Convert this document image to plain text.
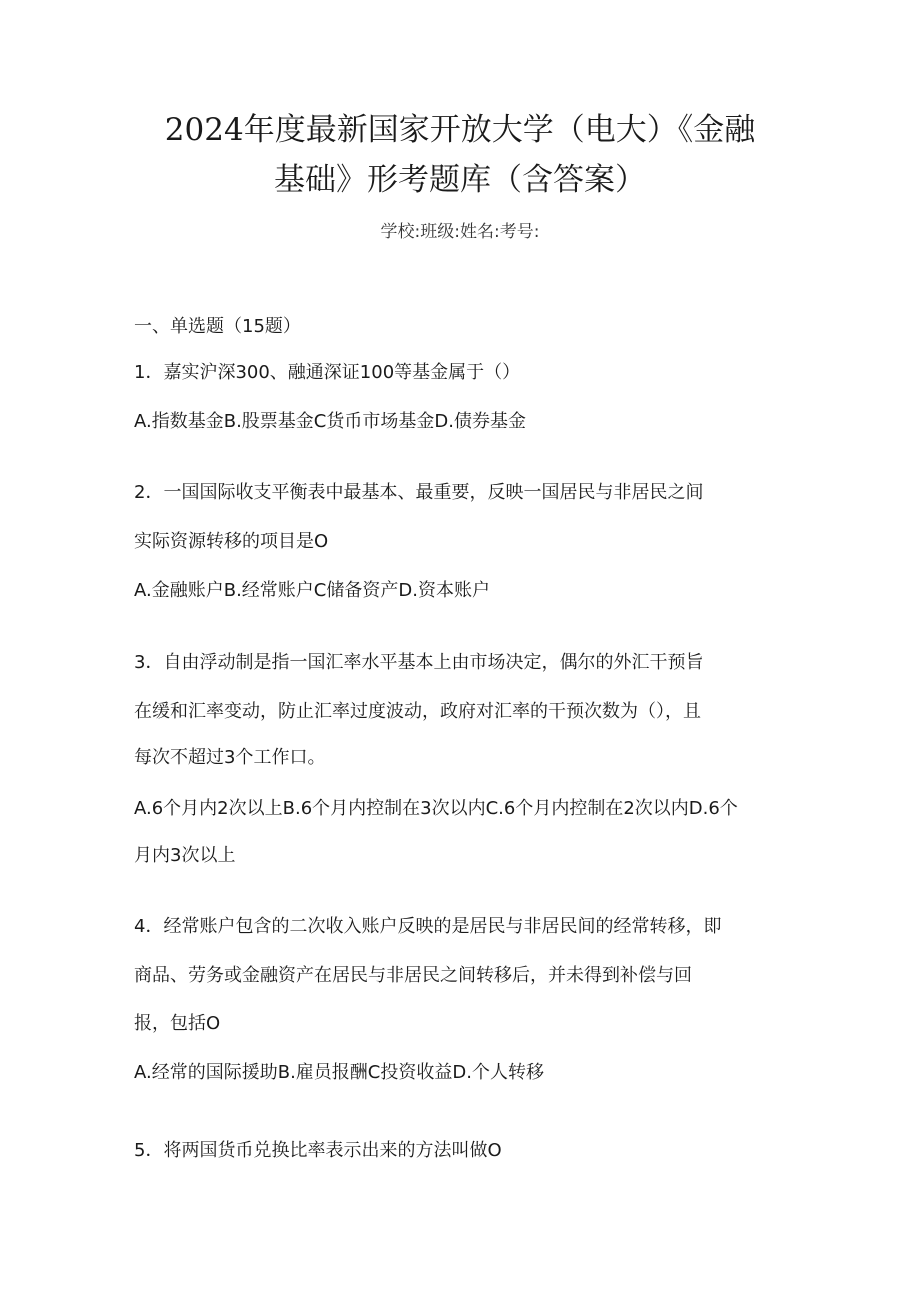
2024年度最新国家开放大学（电大）《金融
基础》形考题库（含答案）
学校:班级:姓名:考号:
一、单选题（15题）
1．嘉实沪深300、融通深证100等基金属于（）
A.指数基金B.股票基金C货币市场基金D.债券基金
2．一国国际收支平衡表中最基本、最重要，反映一国居民与非居民之间
实际资源转移的项目是O
A.金融账户B.经常账户C储备资产D.资本账户
3．自由浮动制是指一国汇率水平基本上由市场决定，偶尔的外汇干预旨
在缓和汇率变动，防止汇率过度波动，政府对汇率的干预次数为（），且
每次不超过3个工作口。
A.6个月内2次以上B.6个月内控制在3次以内C.6个月内控制在2次以内D.6个
月内3次以上
4．经常账户包含的二次收入账户反映的是居民与非居民间的经常转移，即
商品、劳务或金融资产在居民与非居民之间转移后，并未得到补偿与回
报，包括O
A.经常的国际援助B.雇员报酬C投资收益D.个人转移
5．将两国货币兑换比率表示出来的方法叫做O
